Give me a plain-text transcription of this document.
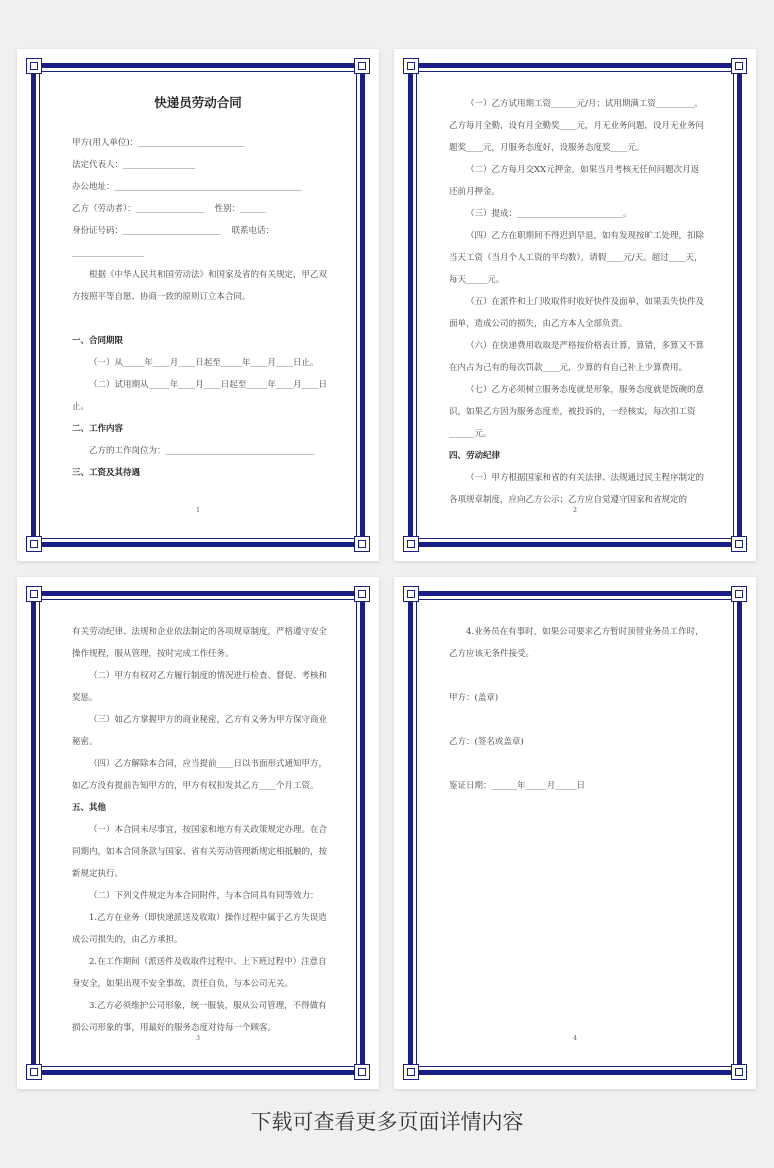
快递员劳动合同

甲方(用人单位)：_________________________

法定代表人：_________________

办公地址：____________________________________________

乙方（劳动者）：________________    性别：______

身份证号码：_______________________    联系电话：_________________

根据《中华人民共和国劳动法》和国家及省的有关规定，甲乙双方按照平等自愿、协商一致的原则订立本合同。

一、合同期限

（一）从_____年____月____日起至_____年____月____日止。

（二）试用期从_____年____月____日起至_____年____月____日止。

二、工作内容

乙方的工作岗位为：___________________________________

三、工资及其待遇

1

（一）乙方试用期工资______元/月；试用期满工资_________。乙方每月全勤，设有月全勤奖____元，月无业务问题，设月无业务问题奖____元，月服务态度好，设服务态度奖____元。

（二）乙方每月交XX元押金，如果当月考核无任何问题次月返还前月押金。

（三）提成：_________________________。

（四）乙方在职期间不得迟到早退，如有发现按旷工处理，扣除当天工资（当月个人工资的平均数），请假____元/天。超过____天，每天_____元。

（五）在派件和上门收取件时收好快件及面单，如果丢失快件及面单，造成公司的损失，由乙方本人全部负责。

（六）在快递费用收取是严格按价格表计算，算错，多算又不算在内占为己有的每次罚款____元，少算的有自己补上少算费用。

（七）乙方必须树立服务态度就是形象，服务态度就是饭碗的意识，如果乙方因为服务态度差，被投诉的，一经核实，每次扣工资______元。

四、劳动纪律

（一）甲方根据国家和省的有关法律、法规通过民主程序制定的各项规章制度，应向乙方公示；乙方应自觉遵守国家和省规定的

2

有关劳动纪律、法规和企业依法制定的各项规章制度，严格遵守安全操作规程，服从管理，按时完成工作任务。

（二）甲方有权对乙方履行制度的情况进行检查、督促、考核和奖惩。

（三）如乙方掌握甲方的商业秘密，乙方有义务为甲方保守商业秘密。

（四）乙方解除本合同，应当提前____日以书面形式通知甲方，如乙方没有提前告知甲方的，甲方有权扣发其乙方____个月工资。

五、其他

（一）本合同未尽事宜，按国家和地方有关政策规定办理。在合同期内，如本合同条款与国家、省有关劳动管理新规定相抵触的，按新规定执行。

（二）下列文件规定为本合同附件，与本合同具有同等效力：

1.乙方在业务（即快递派送及收取）操作过程中属于乙方失误造成公司损失的，由乙方承担。

2.在工作期间（派送件及收取件过程中、上下班过程中）注意自身安全，如果出现不安全事故，责任自负，与本公司无关。

3.乙方必须维护公司形象，统一服装，服从公司管理，不得做有损公司形象的事，用最好的服务态度对待每一个顾客。

3

4.业务员在有事时，如果公司要求乙方暂时顶替业务员工作时，乙方应该无条件接受。

甲方：(盖章)

乙方：(签名或盖章)

鉴证日期：______年_____月_____日

4
下载可查看更多页面详情内容
